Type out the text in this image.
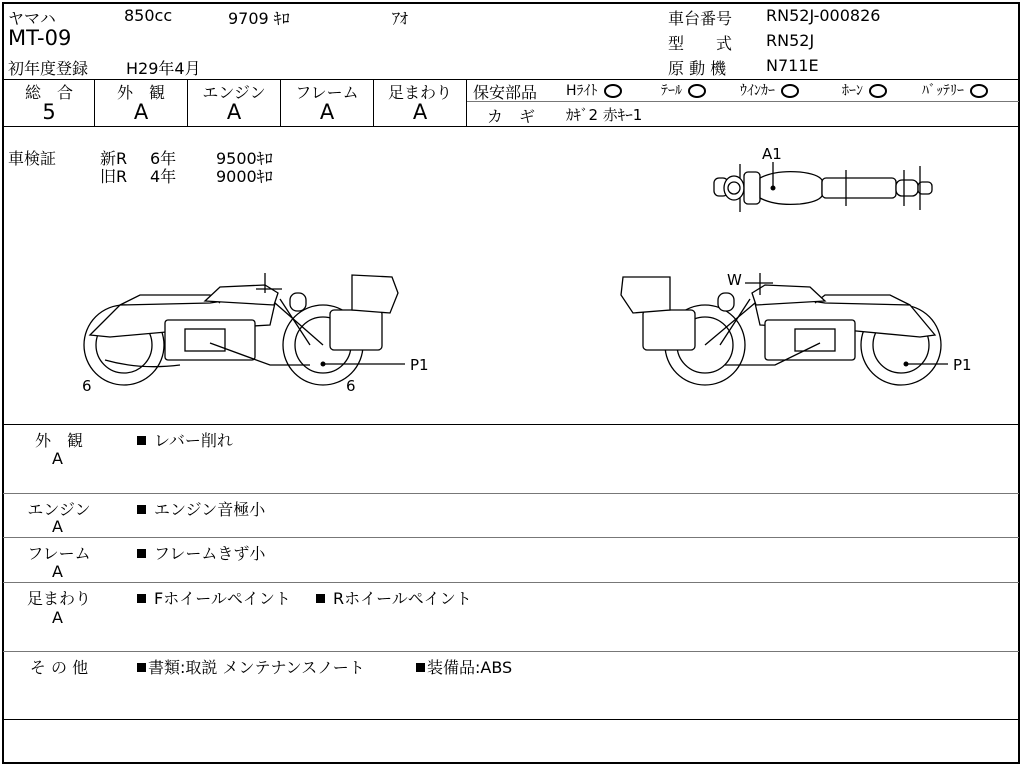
ヤマハ	850cc	9709 ｷﾛ	ｱｵ
MT-09
初年度登録 H29年4月
車台番号 RN52J-000826
型　　式 RN52J
原 動 機 N711E
総　合	外　観	エンジン	フレーム	足まわり
5	A	A	A	A
保安部品 Hﾗｲﾄ	ﾃｰﾙ	ｳｲﾝｶｰ	ﾎｰﾝ	ﾊﾞｯﾃﾘｰ
カ　ギ ｶｷﾞ2 赤ｷｰ1
車検証	新R 6年 9500ｷﾛ
旧R 4年 9000ｷﾛ
A1
P1
6	6
W
P1
外　観
A
レバー削れ
エンジン
A
エンジン音極小
フレーム
A
フレームきず小
足まわり
A
Fホイールペイント	Rホイールペイント
そ の 他	書類:取説 メンテナンスノート	装備品:ABS
